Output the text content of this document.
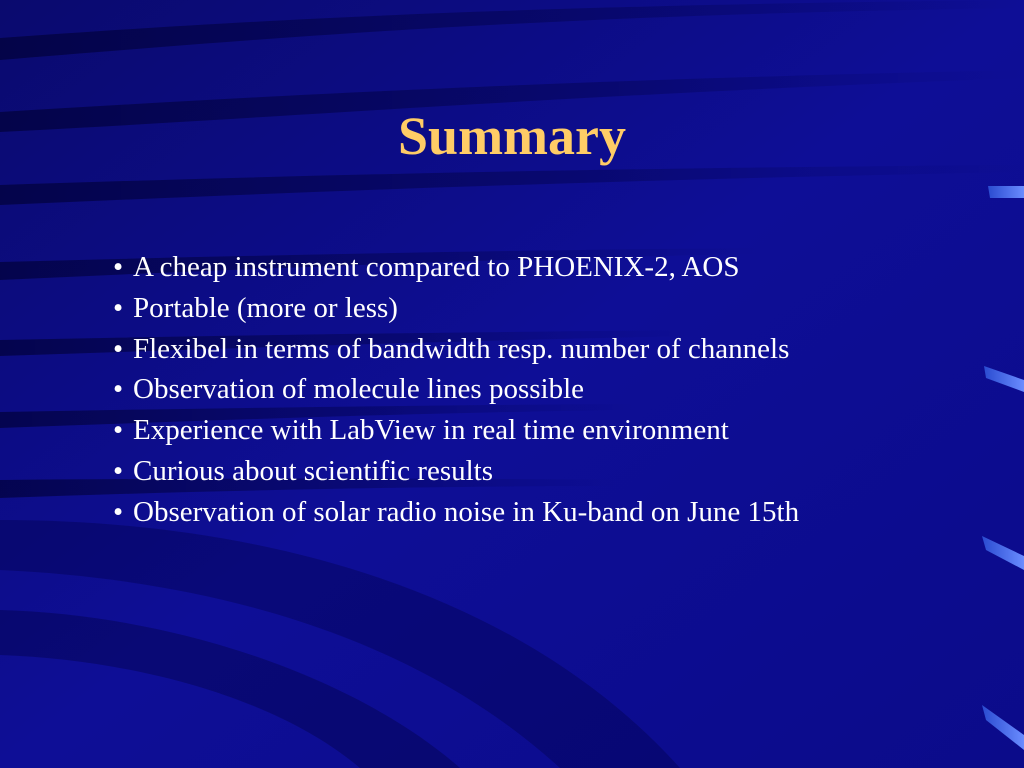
Summary
• A cheap instrument compared to PHOENIX-2, AOS
• Portable (more or less)
• Flexibel in terms of bandwidth resp. number of channels
• Observation of molecule lines possible
• Experience with LabView in real time environment
• Curious about scientific results
• Observation of solar radio noise in Ku-band on June 15th
